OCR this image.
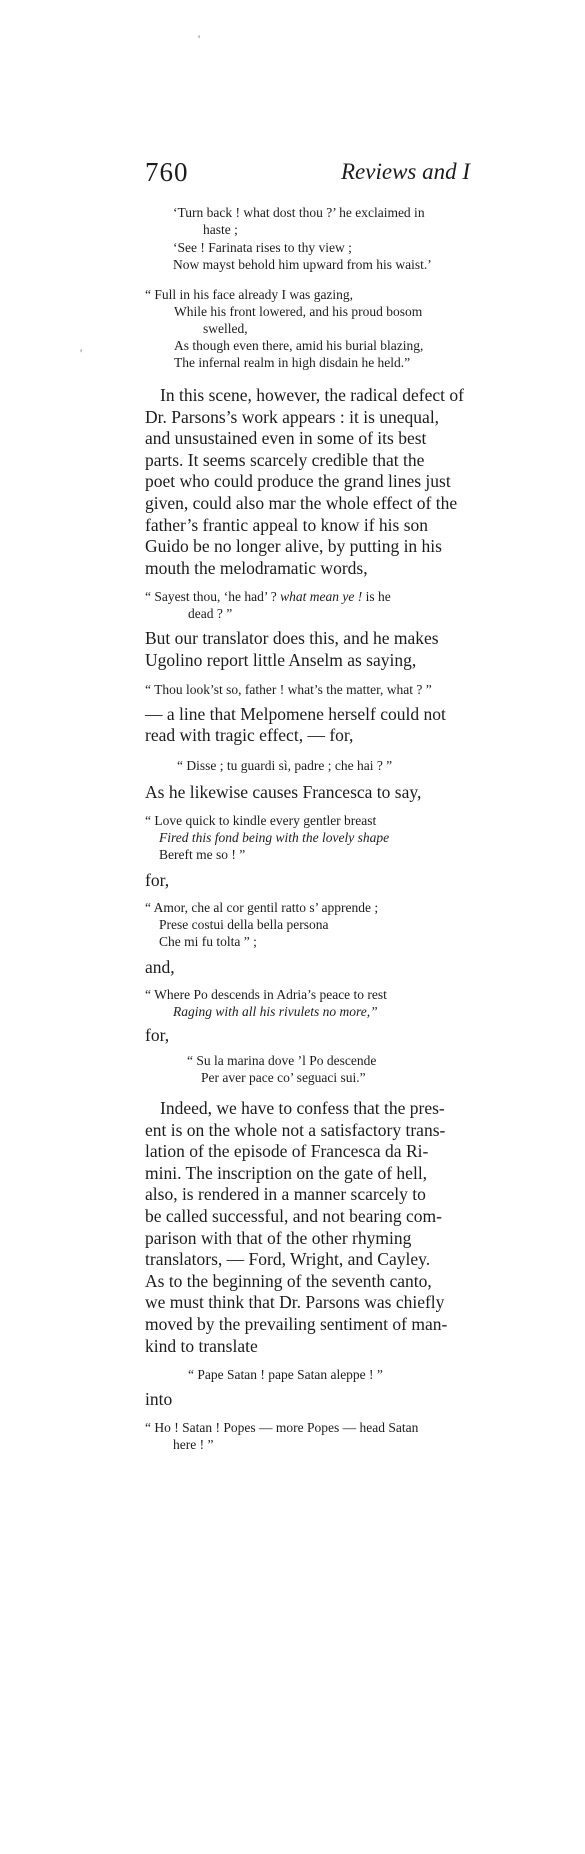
'
'
760	Reviews and I
‘Turn back ! what dost thou ?’ he exclaimed in
haste ;
‘See ! Farinata rises to thy view ;
Now mayst behold him upward from his waist.’
“ Full in his face already I was gazing,
While his front lowered, and his proud bosom
swelled,
As though even there, amid his burial blazing,
The infernal realm in high disdain he held.”
In this scene, however, the radical defect of
Dr. Parsons’s work appears : it is unequal,
and unsustained even in some of its best
parts. It seems scarcely credible that the
poet who could produce the grand lines just
given, could also mar the whole effect of the
father’s frantic appeal to know if his son
Guido be no longer alive, by putting in his
mouth the melodramatic words,
“ Sayest thou, ‘he had’ ? what mean ye ! is he
dead ? ”
But our translator does this, and he makes
Ugolino report little Anselm as saying,
“ Thou look’st so, father ! what’s the matter, what ? ”
— a line that Melpomene herself could not
read with tragic effect, — for,
“ Disse ; tu guardi sì, padre ; che hai ? ”
As he likewise causes Francesca to say,
“ Love quick to kindle every gentler breast
Fired this fond being with the lovely shape
Bereft me so ! ”
for,
“ Amor, che al cor gentil ratto s’ apprende ;
Prese costui della bella persona
Che mi fu tolta ” ;
and,
“ Where Po descends in Adria’s peace to rest
Raging with all his rivulets no more,”
for,
“ Su la marina dove ’l Po descende
Per aver pace co’ seguaci sui.”
Indeed, we have to confess that the pres-
ent is on the whole not a satisfactory trans-
lation of the episode of Francesca da Ri-
mini. The inscription on the gate of hell,
also, is rendered in a manner scarcely to
be called successful, and not bearing com-
parison with that of the other rhyming
translators, — Ford, Wright, and Cayley.
As to the beginning of the seventh canto,
we must think that Dr. Parsons was chiefly
moved by the prevailing sentiment of man-
kind to translate
“ Pape Satan ! pape Satan aleppe ! ”
into
“ Ho ! Satan ! Popes — more Popes — head Satan
here ! ”
